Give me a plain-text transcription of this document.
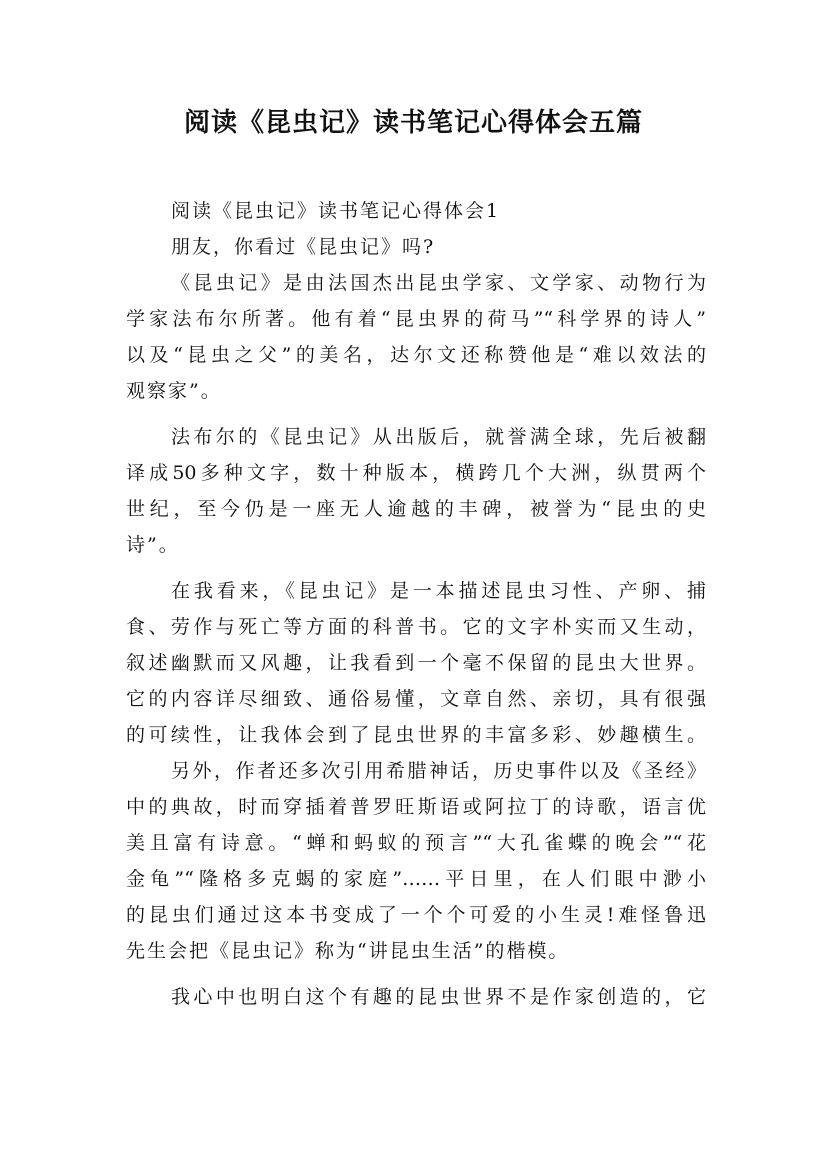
阅读《昆虫记》读书笔记心得体会五篇
阅读《昆虫记》读书笔记心得体会1
朋友，你看过《昆虫记》吗?
《昆虫记》是由法国杰出昆虫学家、文学家、动物行为
学家法布尔所著。他有着“昆虫界的荷马”“科学界的诗人”
以及“昆虫之父”的美名，达尔文还称赞他是“难以效法的
观察家”。
法布尔的《昆虫记》从出版后，就誉满全球，先后被翻
译成50多种文字，数十种版本，横跨几个大洲，纵贯两个
世纪，至今仍是一座无人逾越的丰碑，被誉为“昆虫的史
诗”。
在我看来，《昆虫记》是一本描述昆虫习性、产卵、捕
食、劳作与死亡等方面的科普书。它的文字朴实而又生动，
叙述幽默而又风趣，让我看到一个毫不保留的昆虫大世界。
它的内容详尽细致、通俗易懂，文章自然、亲切，具有很强
的可续性，让我体会到了昆虫世界的丰富多彩、妙趣横生。
另外，作者还多次引用希腊神话，历史事件以及《圣经》
中的典故，时而穿插着普罗旺斯语或阿拉丁的诗歌，语言优
美且富有诗意。“蝉和蚂蚁的预言”“大孔雀蝶的晚会”“花
金龟”“隆格多克蝎的家庭”……平日里，在人们眼中渺小
的昆虫们通过这本书变成了一个个可爱的小生灵!难怪鲁迅
先生会把《昆虫记》称为“讲昆虫生活”的楷模。
我心中也明白这个有趣的昆虫世界不是作家创造的，它
